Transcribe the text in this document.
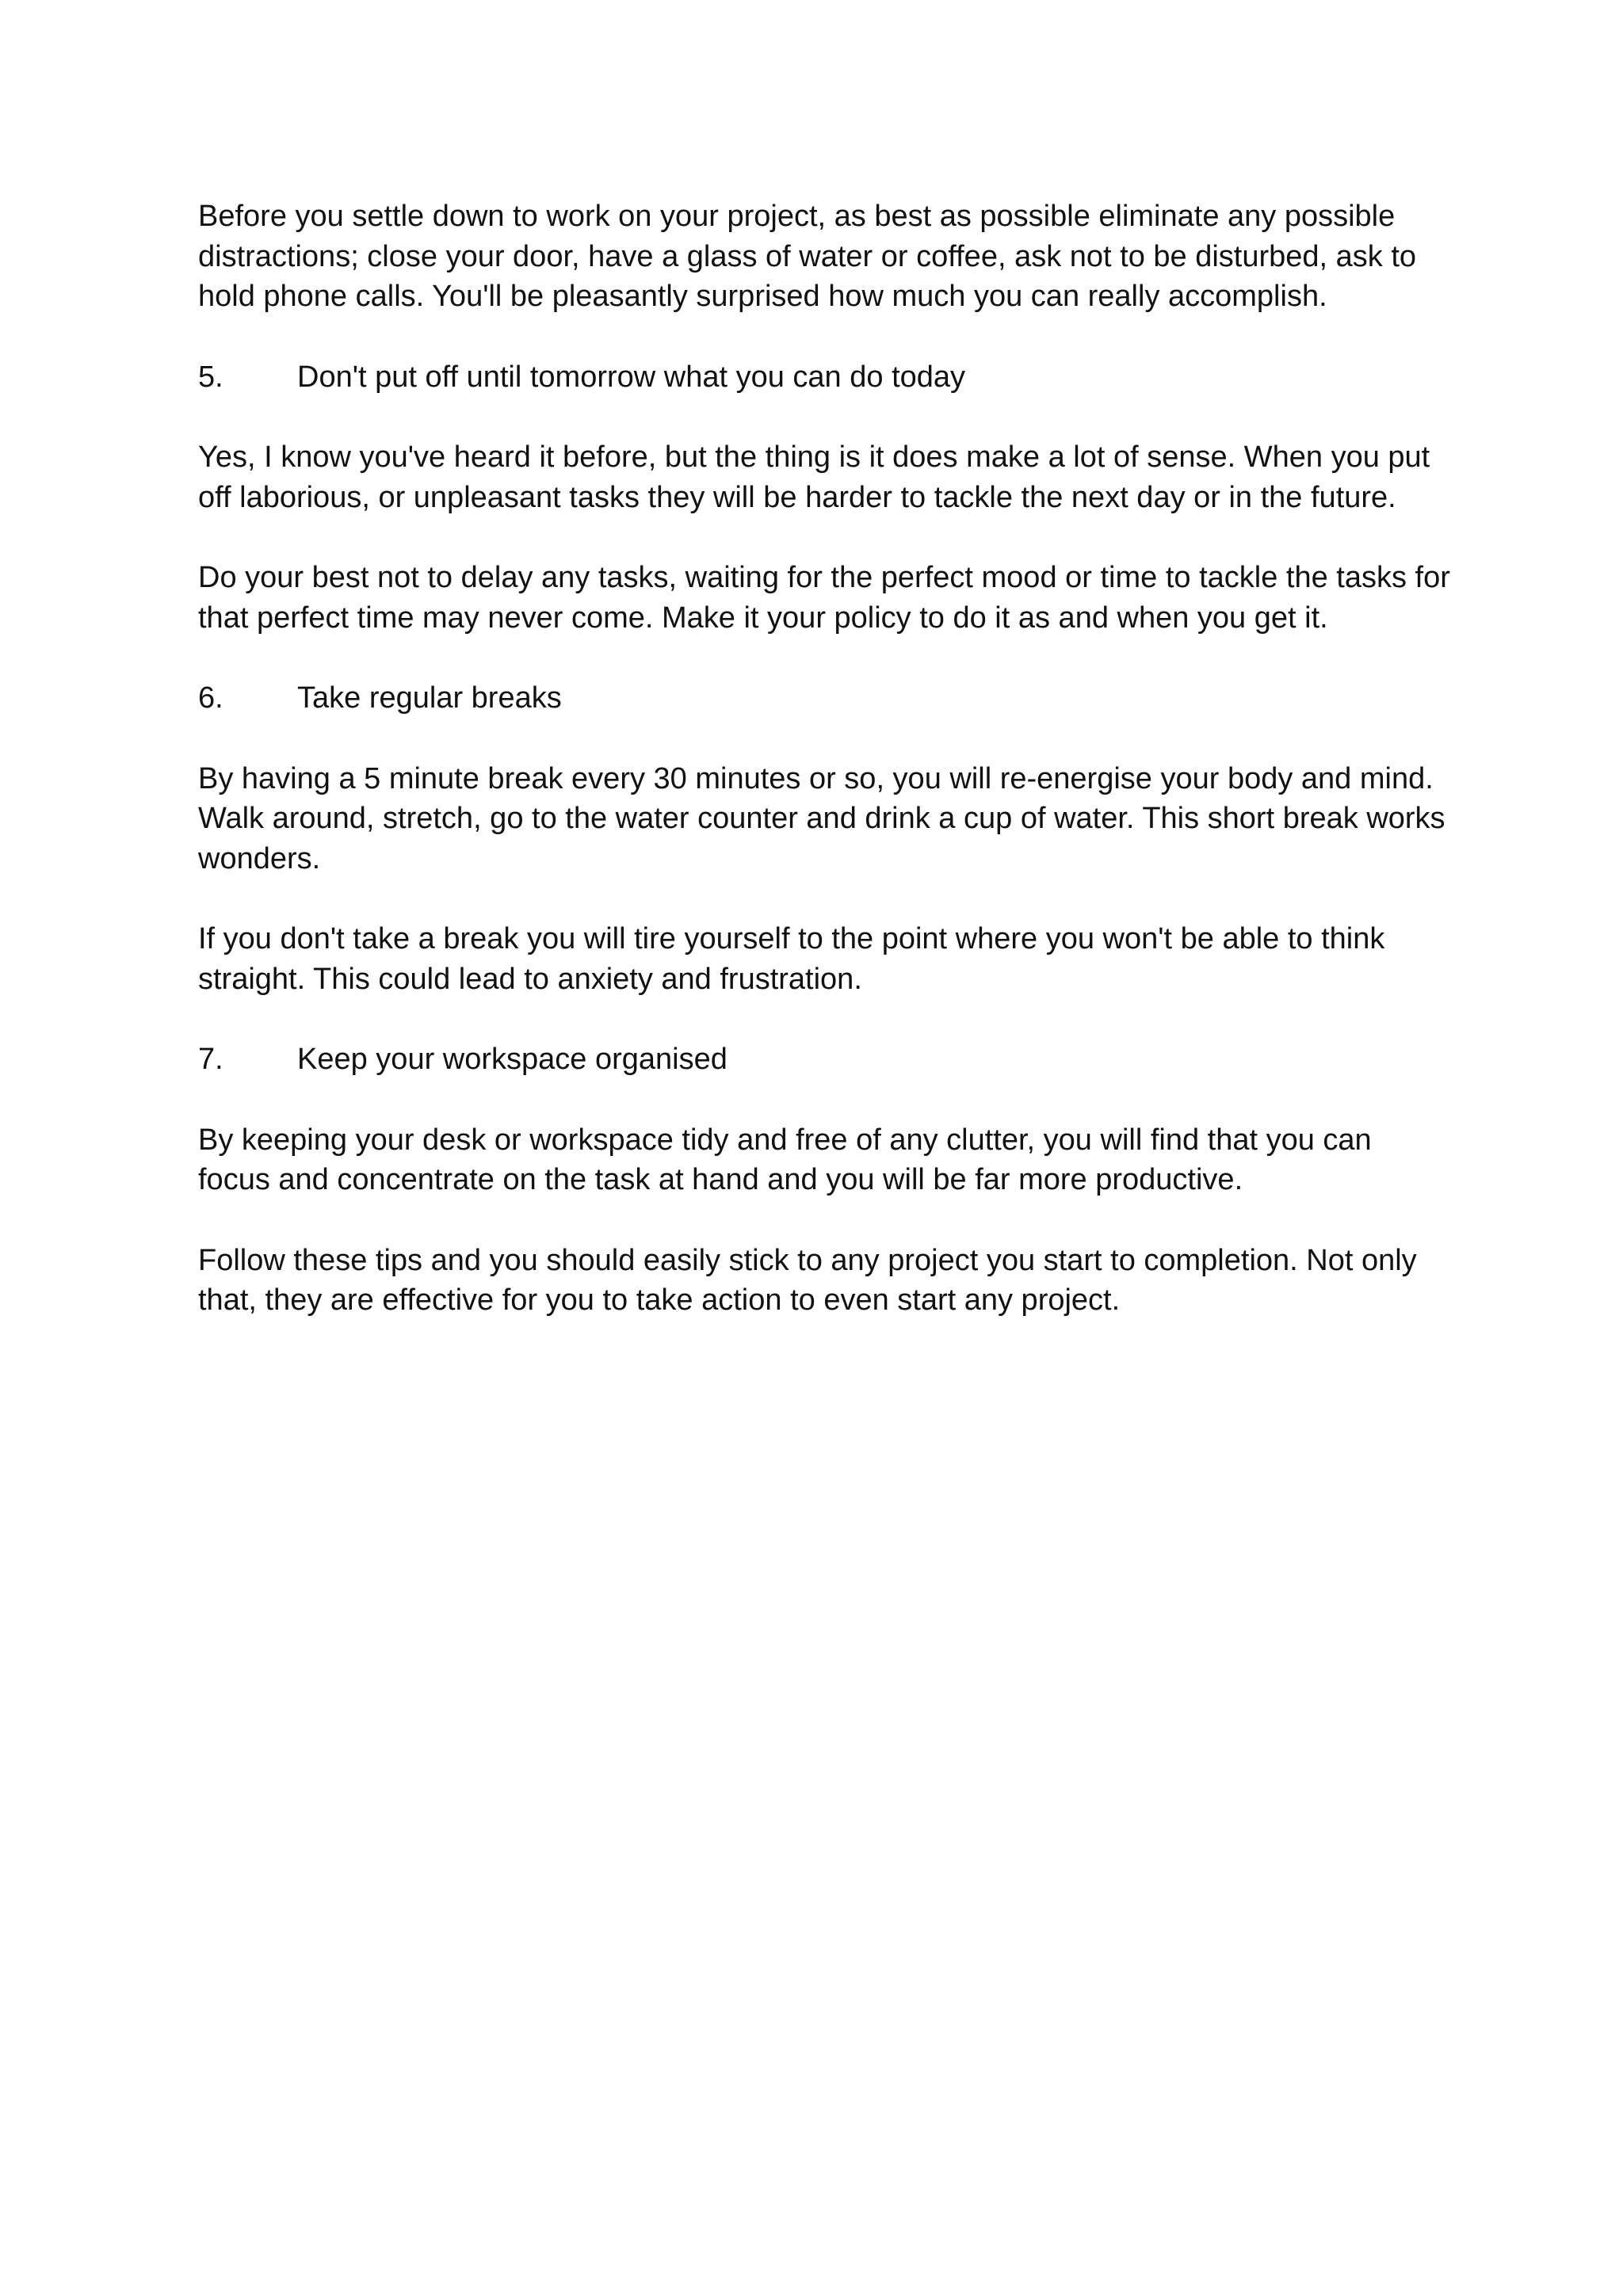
Before you settle down to work on your project, as best as possible eliminate any possible distractions; close your door, have a glass of water or coffee, ask not to be disturbed, ask to hold phone calls. You'll be pleasantly surprised how much you can really accomplish.

5.	Don't put off until tomorrow what you can do today

Yes, I know you've heard it before, but the thing is it does make a lot of sense. When you put off laborious, or unpleasant tasks they will be harder to tackle the next day or in the future.

Do your best not to delay any tasks, waiting for the perfect mood or time to tackle the tasks for that perfect time may never come. Make it your policy to do it as and when you get it.

6.	Take regular breaks

By having a 5 minute break every 30 minutes or so, you will re-energise your body and mind. Walk around, stretch, go to the water counter and drink a cup of water. This short break works wonders.

If you don't take a break you will tire yourself to the point where you won't be able to think straight. This could lead to anxiety and frustration.

7.	Keep your workspace organised

By keeping your desk or workspace tidy and free of any clutter, you will find that you can focus and concentrate on the task at hand and you will be far more productive.

Follow these tips and you should easily stick to any project you start to completion. Not only that, they are effective for you to take action to even start any project.
